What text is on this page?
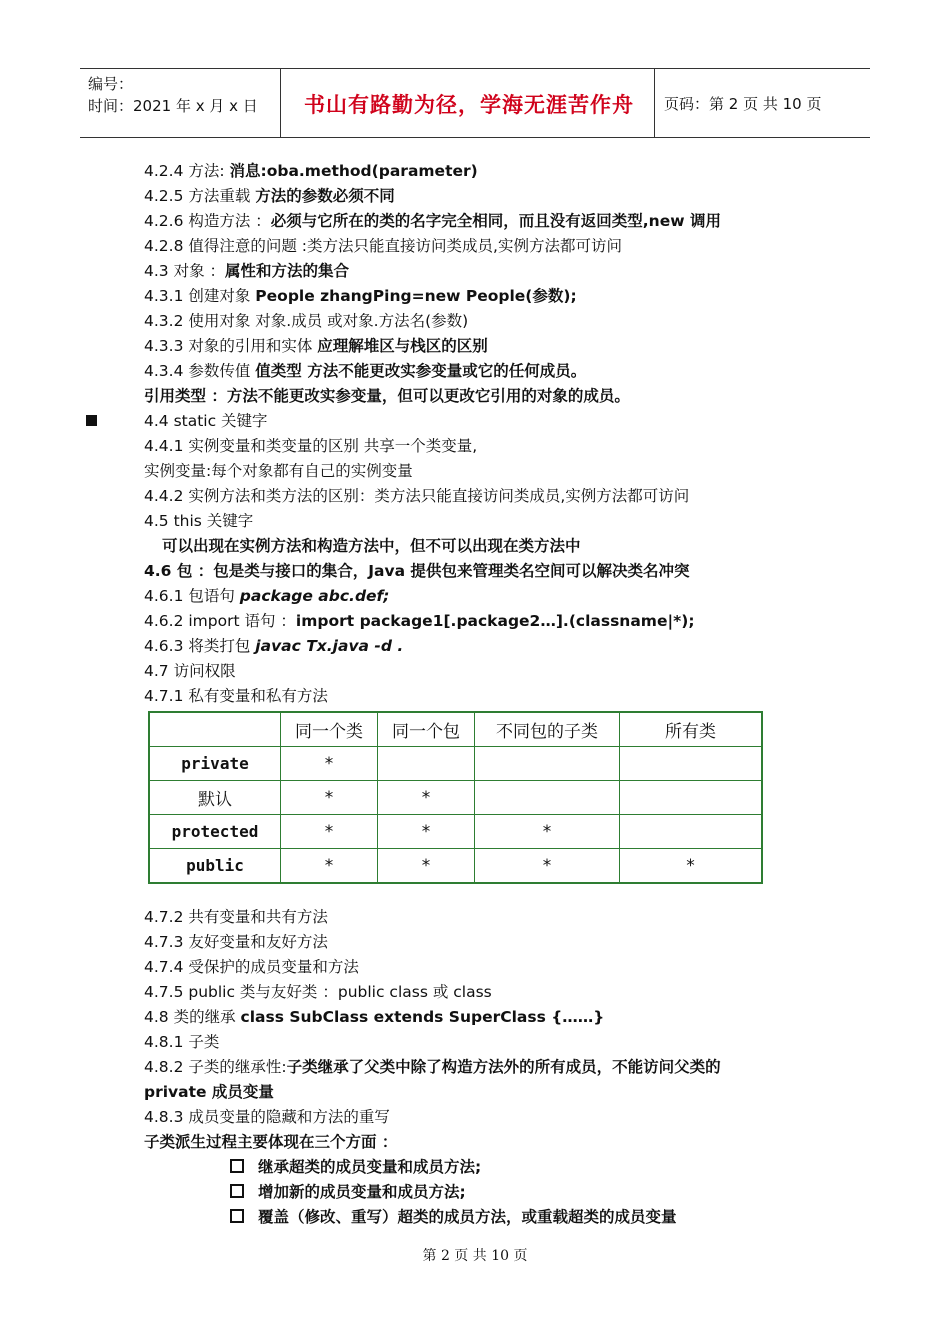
编号：
时间：2021 年 x 月 x 日	书山有路勤为径，学海无涯苦作舟	页码：第 2 页 共 10 页
4.2.4 方法: 消息:oba.method(parameter)
4.2.5 方法重载 方法的参数必须不同
4.2.6 构造方法 ：必须与它所在的类的名字完全相同，而且没有返回类型,new 调用
4.2.8 值得注意的问题 :类方法只能直接访问类成员,实例方法都可访问
4.3 对象 ：属性和方法的集合
4.3.1 创建对象 People zhangPing=new People(参数);
4.3.2 使用对象 对象.成员 或对象.方法名(参数)
4.3.3 对象的引用和实体 应理解堆区与栈区的区别
4.3.4 参数传值 值类型 方法不能更改实参变量或它的任何成员。
引用类型 ：方法不能更改实参变量，但可以更改它引用的对象的成员。
4.4 static 关键字
4.4.1 实例变量和类变量的区别 共享一个类变量,
实例变量:每个对象都有自己的实例变量
4.4.2 实例方法和类方法的区别：类方法只能直接访问类成员,实例方法都可访问
4.5 this 关键字
可以出现在实例方法和构造方法中，但不可以出现在类方法中
4.6 包 ：包是类与接口的集合，Java 提供包来管理类名空间可以解决类名冲突
4.6.1 包语句 package abc.def;
4.6.2 import 语句 ：import package1[.package2…].(classname|*);
4.6.3 将类打包 javac Tx.java -d .
4.7 访问权限
4.7.1 私有变量和私有方法
	同一个类	同一个包	不同包的子类	所有类
private	*			
默认	*	*		
protected	*	*	*	
public	*	*	*	*
4.7.2 共有变量和共有方法
4.7.3 友好变量和友好方法
4.7.4 受保护的成员变量和方法
4.7.5 public 类与友好类 ：public class 或 class
4.8 类的继承 class SubClass extends SuperClass {……}
4.8.1 子类
4.8.2 子类的继承性:子类继承了父类中除了构造方法外的所有成员，不能访问父类的
private 成员变量
4.8.3 成员变量的隐藏和方法的重写
子类派生过程主要体现在三个方面 ：
继承超类的成员变量和成员方法;
增加新的成员变量和成员方法;
覆盖（修改、重写）超类的成员方法，或重载超类的成员变量
第 2 页 共 10 页
